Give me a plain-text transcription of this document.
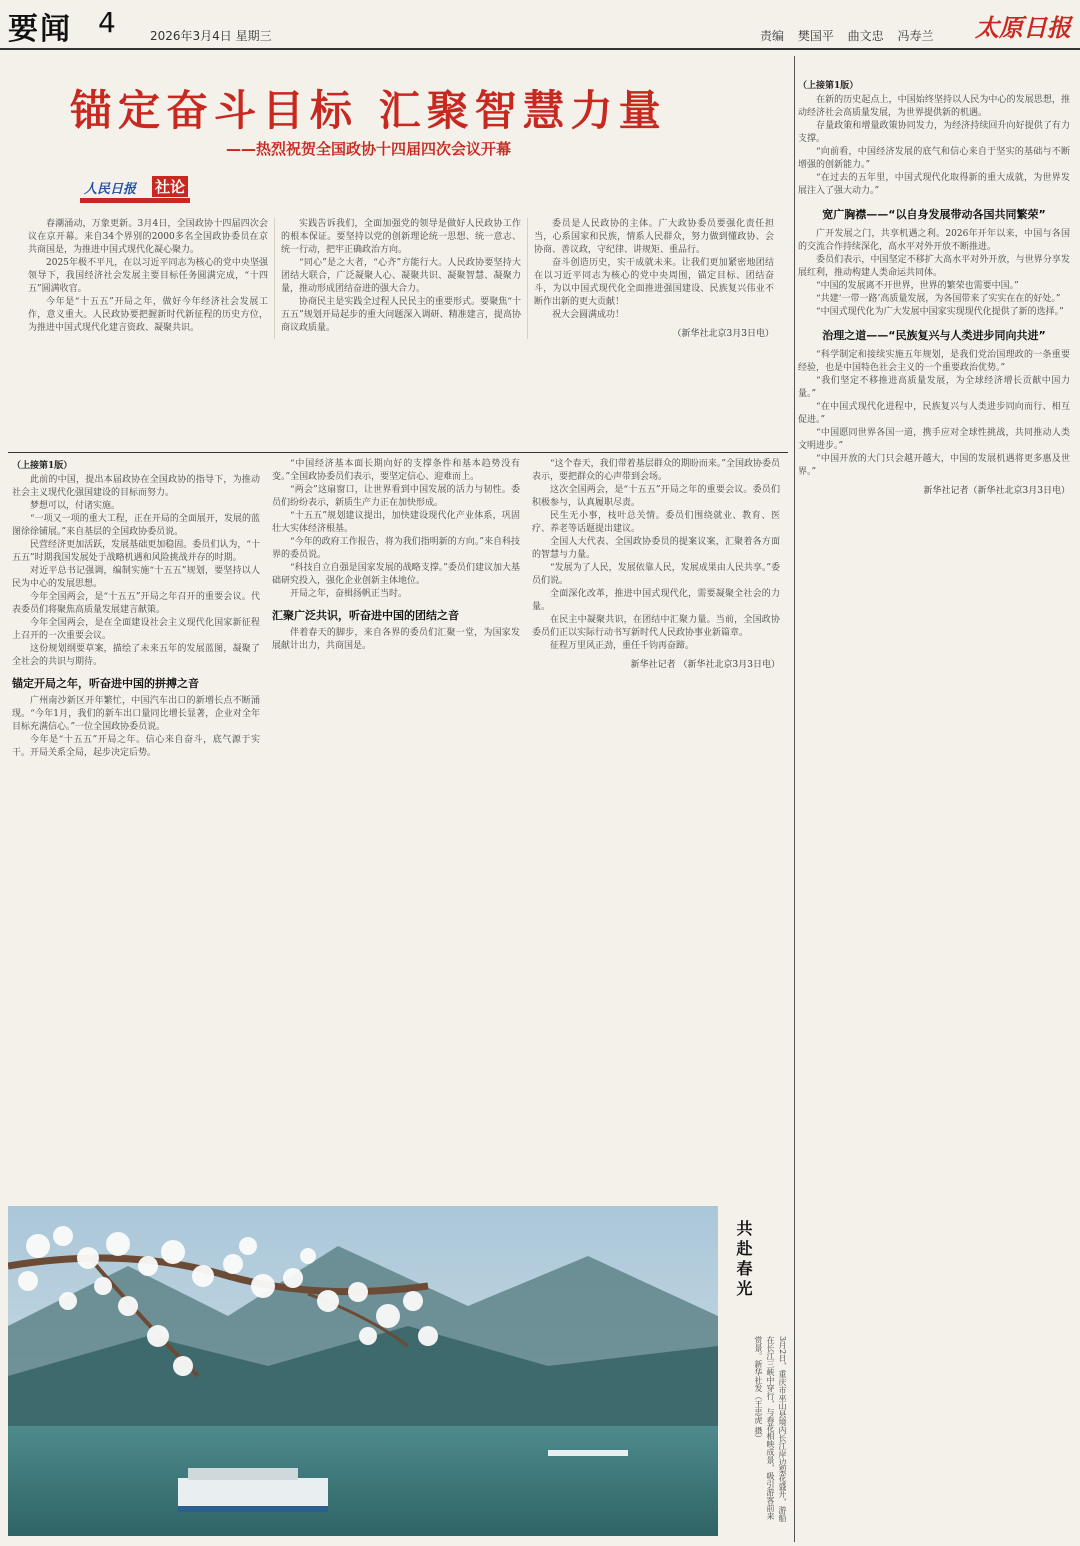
要闻 4	2026年3月4日 星期三	责编 樊国平 曲文忠 冯寿兰 太原日报
锚定奋斗目标 汇聚智慧力量
——热烈祝贺全国政协十四届四次会议开幕
人民日报 社论

春潮涌动，万象更新。3月4日，全国政协十四届四次会议在京开幕。来自34个界别的2000多名全国政协委员在京共商国是，为推进中国式现代化凝心聚力。

2025年极不平凡，在以习近平同志为核心的党中央坚强领导下，我国经济社会发展主要目标任务圆满完成，“十四五”圆满收官。

今年是“十五五”开局之年，做好今年经济社会发展工作，意义重大。人民政协要把握新时代新征程的历史方位，为推进中国式现代化建言资政、凝聚共识。

实践告诉我们，全面加强党的领导是做好人民政协工作的根本保证。要坚持以党的创新理论统一思想、统一意志、统一行动，把牢正确政治方向。

“同心”是之大者，“心齐”方能行大。人民政协要坚持大团结大联合，广泛凝聚人心、凝聚共识、凝聚智慧、凝聚力量，推动形成团结奋进的强大合力。

协商民主是实践全过程人民民主的重要形式。要聚焦“十五五”规划开局起步的重大问题深入调研、精准建言，提高协商议政质量。

委员是人民政协的主体。广大政协委员要强化责任担当，心系国家和民族，情系人民群众，努力做到懂政协、会协商、善议政，守纪律、讲规矩、重品行。

奋斗创造历史，实干成就未来。让我们更加紧密地团结在以习近平同志为核心的党中央周围，锚定目标、团结奋斗，为以中国式现代化全面推进强国建设、民族复兴伟业不断作出新的更大贡献！

祝大会圆满成功！

（新华社北京3月3日电）

（上接第1版）

此前的中国，提出本届政协在全国政协的指导下，为推动社会主义现代化强国建设的目标而努力。

梦想可以，付诸实施。

“一项又一项的重大工程，正在开局的全面展开，发展的蓝图徐徐铺展。”来自基层的全国政协委员说。

民营经济更加活跃，发展基础更加稳固。委员们认为，“十五五”时期我国发展处于战略机遇和风险挑战并存的时期。

对近平总书记强调，编制实施“十五五”规划，要坚持以人民为中心的发展思想。

今年全国两会，是“十五五”开局之年召开的重要会议。代表委员们将聚焦高质量发展建言献策。

今年全国两会，是在全面建设社会主义现代化国家新征程上召开的一次重要会议。

这份规划纲要草案，描绘了未来五年的发展蓝图，凝聚了全社会的共识与期待。

锚定开局之年，听奋进中国的拼搏之音

广州南沙新区开年繁忙，中国汽车出口的新增长点不断涌现。“今年1月，我们的新车出口量同比增长显著，企业对全年目标充满信心。”一位全国政协委员说。

今年是“十五五”开局之年。信心来自奋斗，底气源于实干。开局关系全局，起步决定后势。

“中国经济基本面长期向好的支撑条件和基本趋势没有变。”全国政协委员们表示，要坚定信心、迎难而上。

“两会”这扇窗口，让世界看到中国发展的活力与韧性。委员们纷纷表示，新质生产力正在加快形成。

“十五五”规划建议提出，加快建设现代化产业体系，巩固壮大实体经济根基。

“今年的政府工作报告，将为我们指明新的方向。”来自科技界的委员说。

“科技自立自强是国家发展的战略支撑。”委员们建议加大基础研究投入，强化企业创新主体地位。

开局之年，奋楫扬帆正当时。

汇聚广泛共识，听奋进中国的团结之音

伴着春天的脚步，来自各界的委员们汇聚一堂，为国家发展献计出力，共商国是。

“这个春天，我们带着基层群众的期盼而来。”全国政协委员表示，要把群众的心声带到会场。

这次全国两会，是“十五五”开局之年的重要会议。委员们积极参与，认真履职尽责。

民生无小事，枝叶总关情。委员们围绕就业、教育、医疗、养老等话题提出建议。

全国人大代表、全国政协委员的提案议案，汇聚着各方面的智慧与力量。

“发展为了人民，发展依靠人民，发展成果由人民共享。”委员们说。

全面深化改革，推进中国式现代化，需要凝聚全社会的力量。

在民主中凝聚共识，在团结中汇聚力量。当前，全国政协委员们正以实际行动书写新时代人民政协事业新篇章。

征程万里风正劲，重任千钧再奋蹄。

新华社记者 （新华社北京3月3日电）

（上接第1版）

在新的历史起点上，中国始终坚持以人民为中心的发展思想，推动经济社会高质量发展，为世界提供新的机遇。

存量政策和增量政策协同发力，为经济持续回升向好提供了有力支撑。

“向前看，中国经济发展的底气和信心来自于坚实的基础与不断增强的创新能力。”

“在过去的五年里，中国式现代化取得新的重大成就，为世界发展注入了强大动力。”

宽广胸襟——“以自身发展带动各国共同繁荣”

广开发展之门，共享机遇之利。2026年开年以来，中国与各国的交流合作持续深化，高水平对外开放不断推进。

委员们表示，中国坚定不移扩大高水平对外开放，与世界分享发展红利，推动构建人类命运共同体。

“中国的发展离不开世界，世界的繁荣也需要中国。”

“共建‘一带一路’高质量发展，为各国带来了实实在在的好处。”

“中国式现代化为广大发展中国家实现现代化提供了新的选择。”

治理之道——“民族复兴与人类进步同向共进”

“科学制定和接续实施五年规划，是我们党治国理政的一条重要经验，也是中国特色社会主义的一个重要政治优势。”

“我们坚定不移推进高质量发展，为全球经济增长贡献中国力量。”

“在中国式现代化进程中，民族复兴与人类进步同向而行、相互促进。”

“中国愿同世界各国一道，携手应对全球性挑战，共同推动人类文明进步。”

“中国开放的大门只会越开越大，中国的发展机遇将更多惠及世界。”

新华社记者（新华社北京3月3日电）

共赴春光
3月2日，重庆市巫山县境内长江岸边梨花盛开，游船在长江三峡中穿行，与春花相映成景，吸引游客前来赏景。新华社发（王忠虎 摄）
